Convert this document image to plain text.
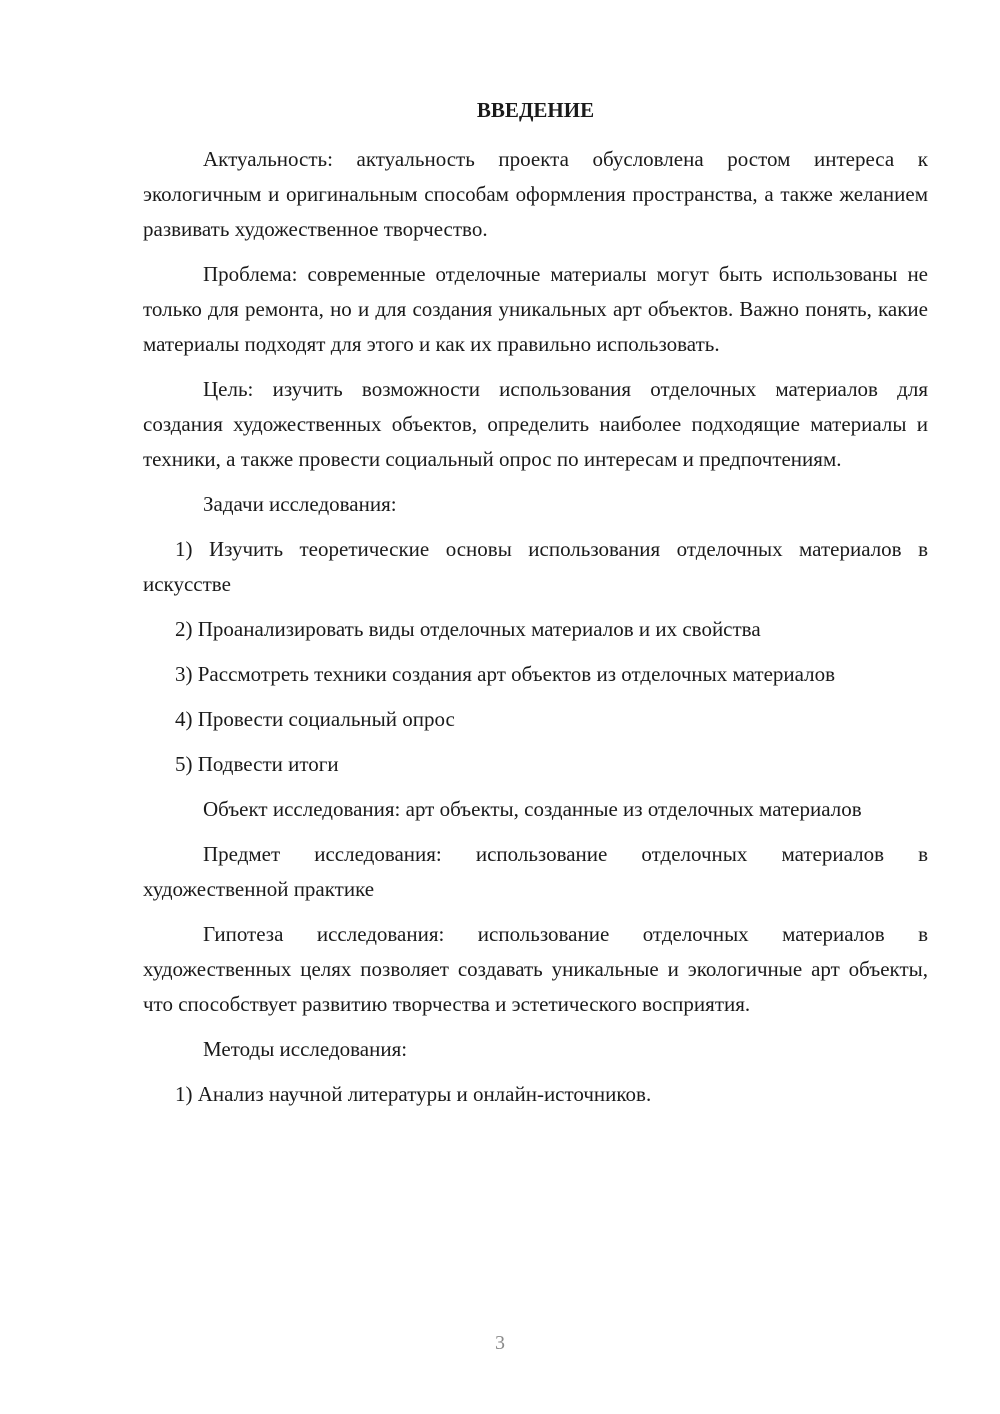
ВВЕДЕНИЕ

Актуальность: актуальность проекта обусловлена ростом интереса к экологичным и оригинальным способам оформления пространства, а также желанием развивать художественное творчество.

Проблема: современные отделочные материалы могут быть использованы не только для ремонта, но и для создания уникальных арт объектов. Важно понять, какие материалы подходят для этого и как их правильно использовать.

Цель: изучить возможности использования отделочных материалов для создания художественных объектов, определить наиболее подходящие материалы и техники, а также провести социальный опрос по интересам и предпочтениям.

Задачи исследования:

1) Изучить теоретические основы использования отделочных материалов в искусстве

2) Проанализировать виды отделочных материалов и их свойства

3) Рассмотреть техники создания арт объектов из отделочных материалов

4) Провести социальный опрос

5) Подвести итоги

Объект исследования: арт объекты, созданные из отделочных материалов

Предмет исследования: использование отделочных материалов в художественной практике

Гипотеза исследования: использование отделочных материалов в художественных целях позволяет создавать уникальные и экологичные арт объекты, что способствует развитию творчества и эстетического восприятия.

Методы исследования:

1) Анализ научной литературы и онлайн-источников.

3
